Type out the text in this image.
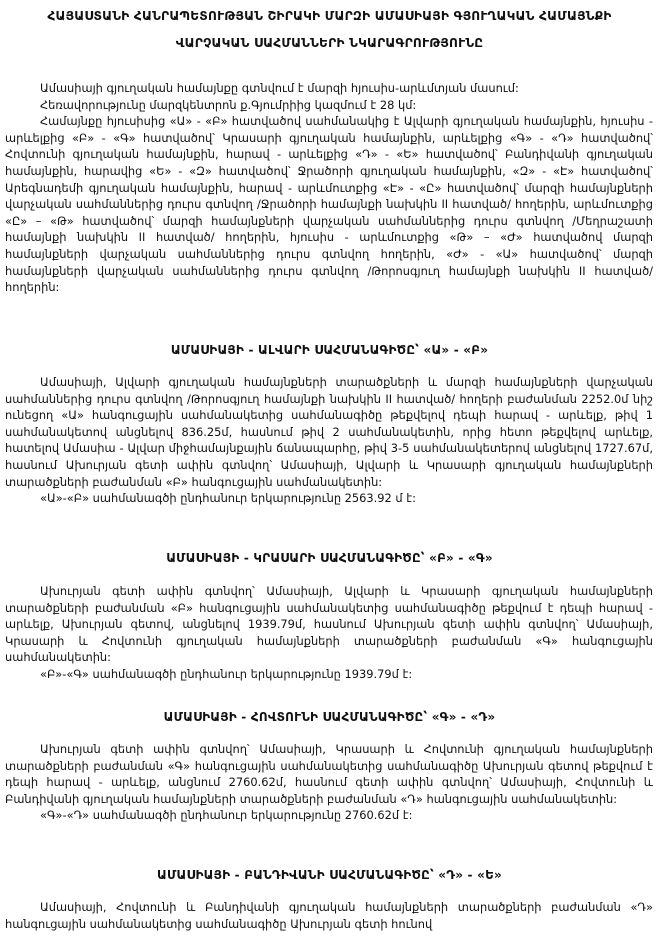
ՀԱՅԱՍՏԱՆԻ ՀԱՆՐԱՊԵՏՈՒԹՅԱՆ ՇԻՐԱԿԻ ՄԱՐԶԻ ԱՄԱՍԻԱՅԻ ԳՅՈՒՂԱԿԱՆ ՀԱՄԱՅՆՔԻ
ՎԱՐՉԱԿԱՆ ՍԱՀՄԱՆՆԵՐԻ ՆԿԱՐԱԳՐՈՒԹՅՈՒՆԸ

Ամասիայի գյուղական համայնքը գտնվում է մարզի հյուսիս-արևմտյան մասում:

Հեռավորությունը մարզկենտրոն ք.Գյումրիից կազմում է 28 կմ:

Համայնքը հյուսիսից «Ա» - «Բ» հատվածով սահմանակից է Ալվարի գյուղական համայնքին, հյուսիս - արևելքից «Բ» - «Գ» հատվածով՝ Կրասարի գյուղական համայնքին, արևելքից «Գ» - «Դ» հատվածով՝ Հովտունի գյուղական համայնքին, հարավ - արևելքից «Դ» - «Ե» հատվածով՝ Բանդիվանի գյուղական համայնքին, հարավից «Ե» - «Զ» հատվածով՝ Ջրածորի գյուղական համայնքին, «Զ» - «Է» հատվածով՝ Արեգնադեմի գյուղական համայնքին, հարավ - արևմուտքից «Է» - «Ը» հատվածով՝ մարզի համայնքների վարչական սահմաններից դուրս գտնվող /Ջրածորի համայնքի նախկին II հատված/ հողերին, արևմուտքից «Ը» – «Թ» հատվածով՝ մարզի համայնքների վարչական սահմաններից դուրս գտնվող /Մեղրաշատի համայնքի նախկին II հատված/ հողերին, հյուսիս - արևմուտքից «Թ» – «Ժ» հատվածով մարզի համայնքների վարչական սահմաններից դուրս գտնվող հողերին, «Ժ» - «Ա» հատվածով՝ մարզի համայնքների վարչական սահմաններից դուրս գտնվող /Թորոսգյուղ համայնքի նախկին II հատված/ հողերին:

ԱՄԱՍԻԱՅԻ - ԱԼՎԱՐԻ ՍԱՀՄԱՆԱԳԻԾԸ՝ «Ա» - «Բ»

Ամասիայի, Ալվարի գյուղական համայնքների տարածքների և մարզի համայնքների վարչական սահմաններից դուրս գտնվող /Թորոսգյուղ համայնքի նախկին II հատված/ հողերի բաժանման 2252.0մ նիշ ունեցող «Ա» հանգուցային սահմանակետից սահմանագիծը թեքվելով դեպի հարավ - արևելք, թիվ 1 սահմանակետով անցնելով 836.25մ, հասնում թիվ 2 սահմանակետին, որից հետո թեքվելով արևելք, հատելով Ամասիա - Ալվար միջհամայնքային ճանապարհը, թիվ 3-5 սահմանակետերով անցնելով 1727.67մ, հասնում Ախուրյան գետի ափին գտնվող՝ Ամասիայի, Ալվարի և Կրասարի գյուղական համայնքների տարածքների բաժանման «Բ» հանգուցային սահմանակետին:

«Ա»-«Բ» սահմանագծի ընդհանուր երկարությունը 2563.92 մ է:

ԱՄԱՍԻԱՅԻ - ԿՐԱՍԱՐԻ ՍԱՀՄԱՆԱԳԻԾԸ՝ «Բ» - «Գ»

Ախուրյան գետի ափին գտնվող՝ Ամասիայի, Ալվարի և Կրասարի գյուղական համայնքների տարածքների բաժանման «Բ» հանգուցային սահմանակետից սահմանագիծը թեքվում է դեպի հարավ - արևելք, Ախուրյան գետով, անցնելով 1939.79մ, հասնում Ախուրյան գետի ափին գտնվող՝ Ամասիայի, Կրասարի և Հովտունի գյուղական համայնքների տարածքների բաժանման «Գ» հանգուցային սահմանակետին:

«Բ»-«Գ» սահմանագծի ընդհանուր երկարությունը 1939.79մ է:

ԱՄԱՍԻԱՅԻ - ՀՈՎՏՈՒՆԻ ՍԱՀՄԱՆԱԳԻԾԸ՝ «Գ» - «Դ»

Ախուրյան գետի ափին գտնվող՝ Ամասիայի, Կրասարի և Հովտունի գյուղական համայնքների տարածքների բաժանման «Գ» հանգուցային սահմանակետից սահմանագիծը Ախուրյան գետով թեքվում է դեպի հարավ - արևելք, անցնում 2760.62մ, հասնում գետի ափին գտնվող՝ Ամասիայի, Հովտունի և Բանդիվանի գյուղական համայնքների տարածքների բաժանման «Դ» հանգուցային սահմանակետին:

«Գ»-«Դ» սահմանագծի ընդհանուր երկարությունը 2760.62մ է:

ԱՄԱՍԻԱՅԻ - ԲԱՆԴԻՎԱՆԻ ՍԱՀՄԱՆԱԳԻԾԸ՝ «Դ» - «Ե»

Ամասիայի, Հովտունի և Բանդիվանի գյուղական համայնքների տարածքների բաժանման «Դ» հանգուցային սահմանակետից սահմանագիծը Ախուրյան գետի հունով
